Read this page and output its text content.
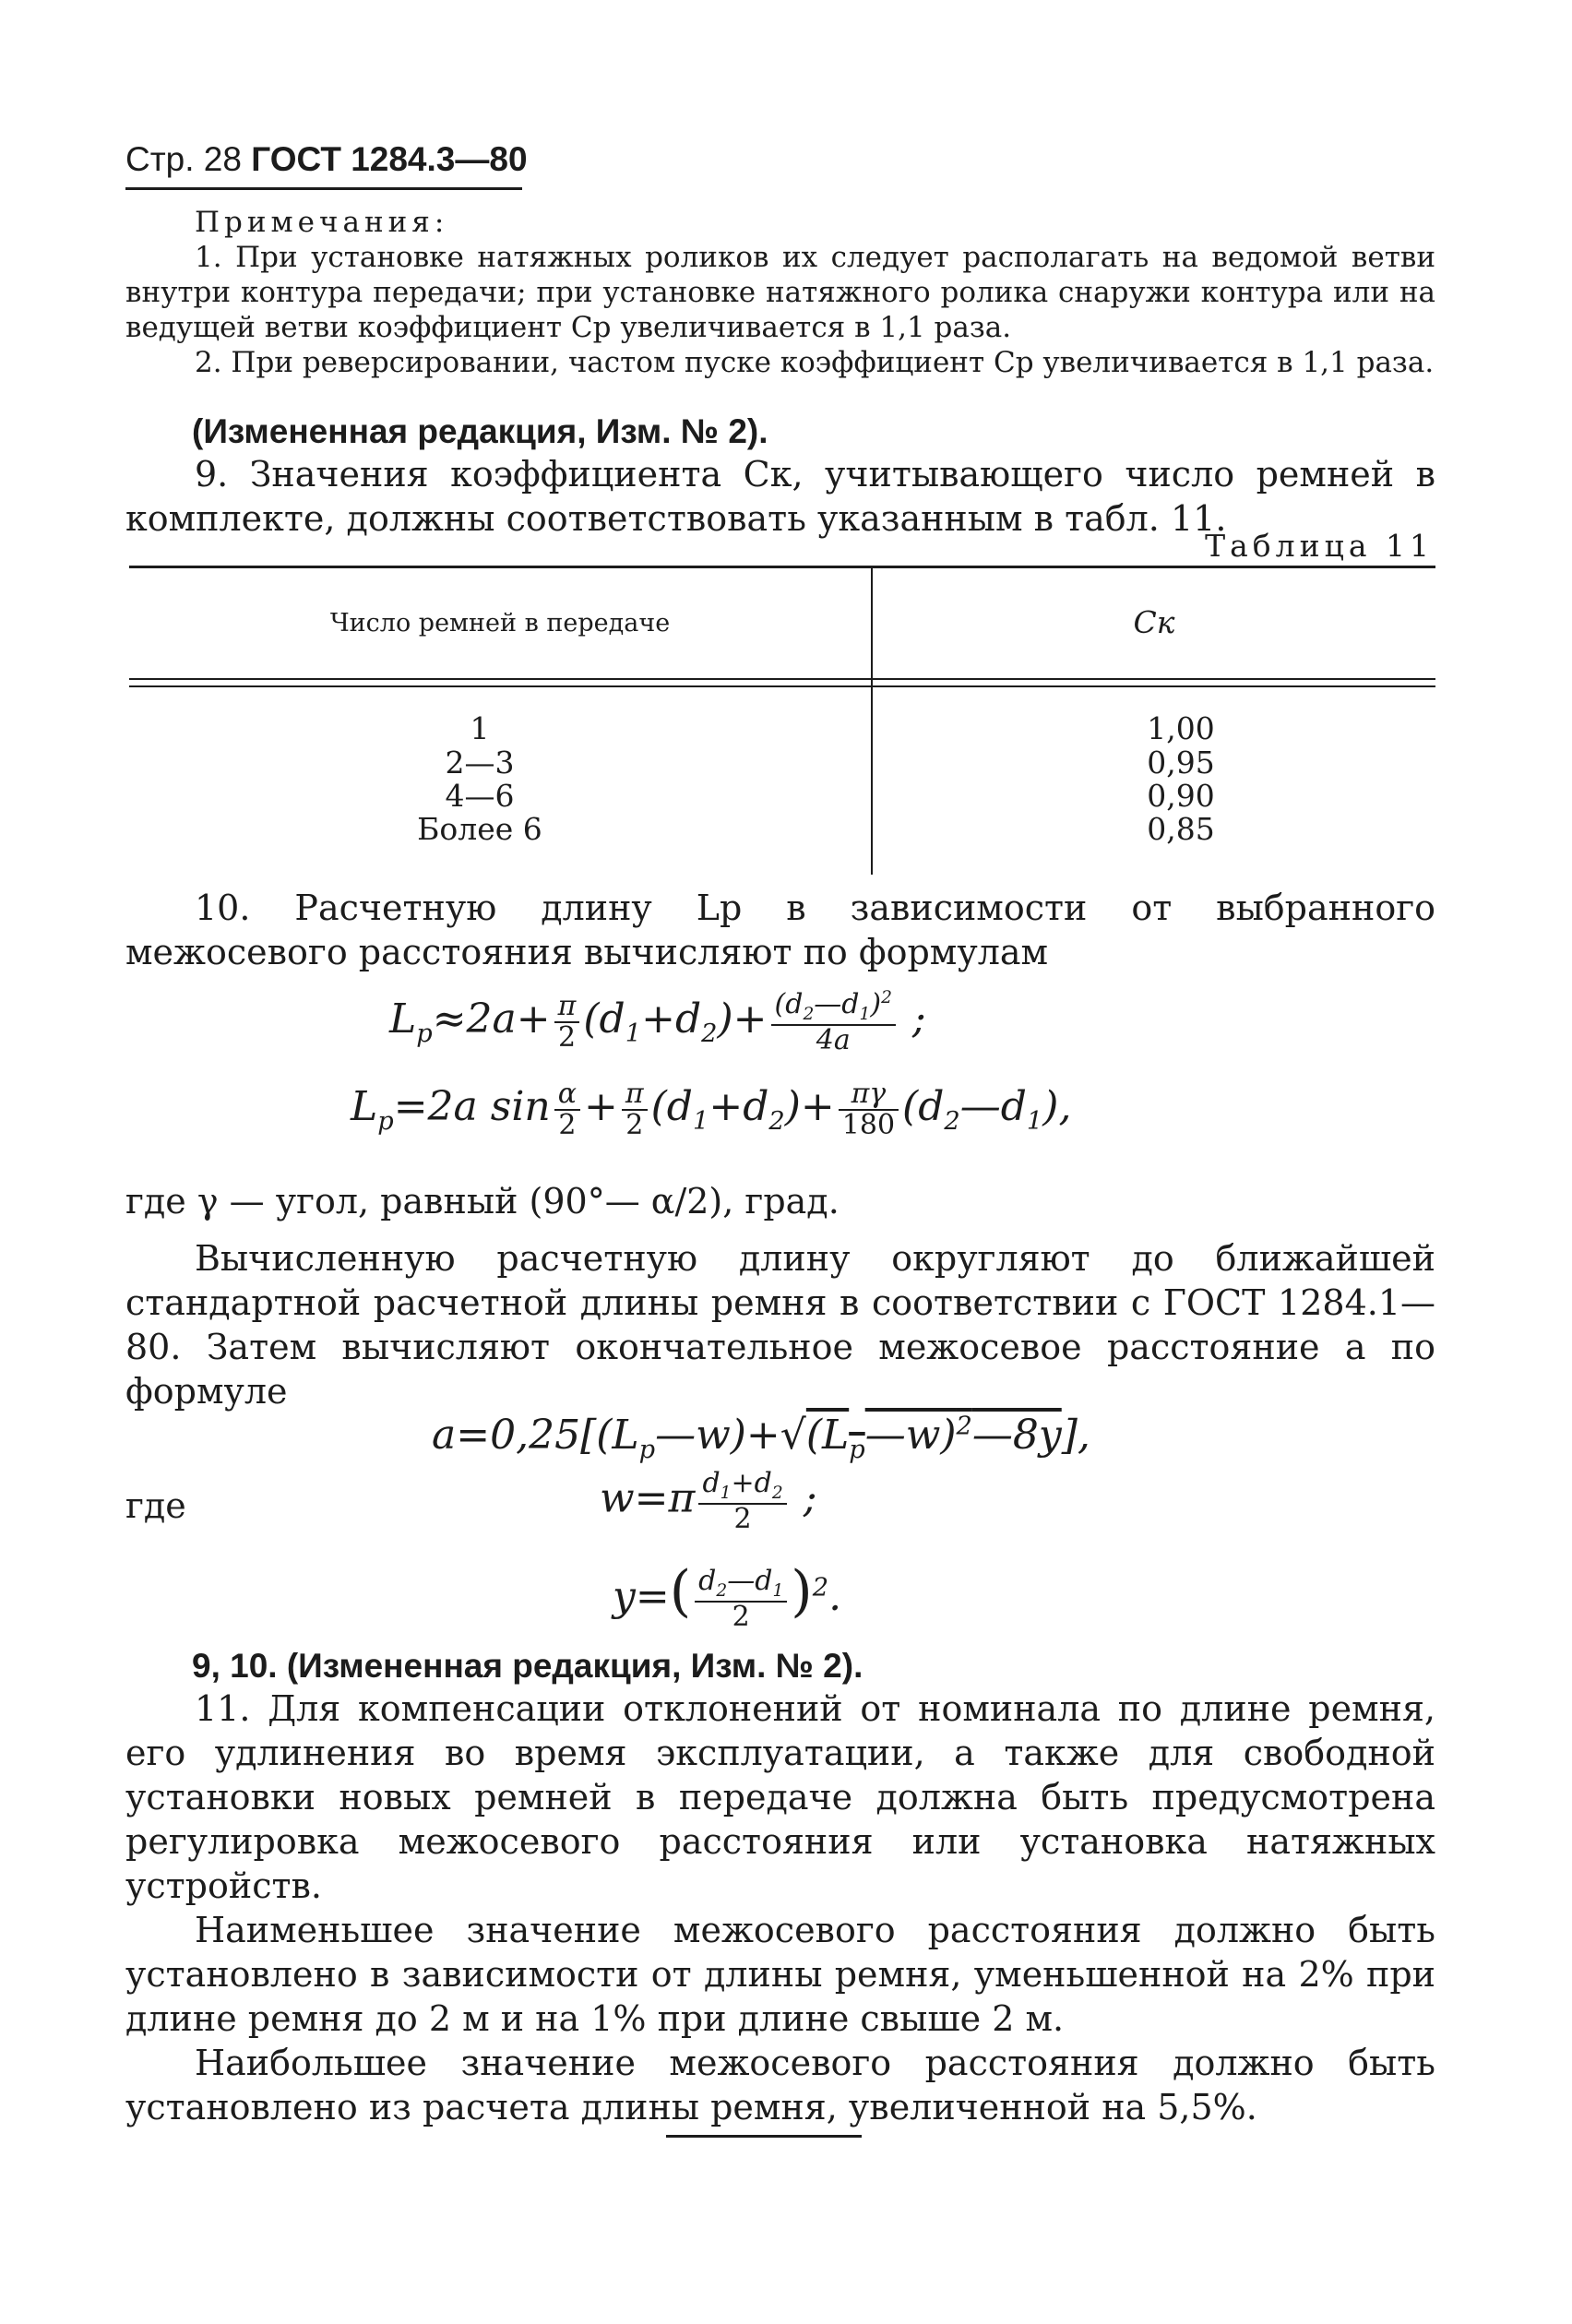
Стр. 28 ГОСТ 1284.3—80

Примечания:

1. При установке натяжных роликов их следует располагать на ведомой ветви внутри контура передачи; при установке натяжного ролика снаружи контура или на ведущей ветви коэффициент Cр увеличивается в 1,1 раза.

2. При реверсировании, частом пуске коэффициент Cр увеличивается в 1,1 раза.

(Измененная редакция, Изм. № 2).

9. Значения коэффициента Cк, учитывающего число ремней в комплекте, должны соответствовать указанным в табл. 11.

Таблица 11
Число ремней в передаче	Cк
1
2—3
4—6
Более 6
1,00
0,95
0,90
0,85

10. Расчетную длину Lр в зависимости от выбранного межосевого расстояния вычисляют по формулам

$L_р\approx 2a+ \frac{\pi}{2} (d_1+d_2)+ \frac{(d_2—d_1)^2}{4a}$ ;
$L_р=2a$ $\sin \frac{\alpha}{2} + \frac{\pi}{2} (d_1+d_2)+ \frac{\pi\gamma}{180}$ $(d_2—d_1)$,
где γ — угол, равный (90°— α/2), град.

Вычисленную расчетную длину округляют до ближайшей стандартной расчетной длины ремня в соответствии с ГОСТ 1284.1—80. Затем вычисляют окончательное межосевое расстояние a по формуле

$a=0,25[(L_р—w)+√(L_р—w)^2—8y]$,
где	$w=\pi \frac{d_1+d_2}{2}$ ;
$y=( \frac{d_2—d_1}{2} )^2$.
9, 10. (Измененная редакция, Изм. № 2).

11. Для компенсации отклонений от номинала по длине ремня, его удлинения во время эксплуатации, а также для свободной установки новых ремней в передаче должна быть предусмотрена регулировка межосевого расстояния или установка натяжных устройств.

Наименьшее значение межосевого расстояния должно быть установлено в зависимости от длины ремня, уменьшенной на 2% при длине ремня до 2 м и на 1% при длине свыше 2 м.

Наибольшее значение межосевого расстояния должно быть установлено из расчета длины ремня, увеличенной на 5,5%.
